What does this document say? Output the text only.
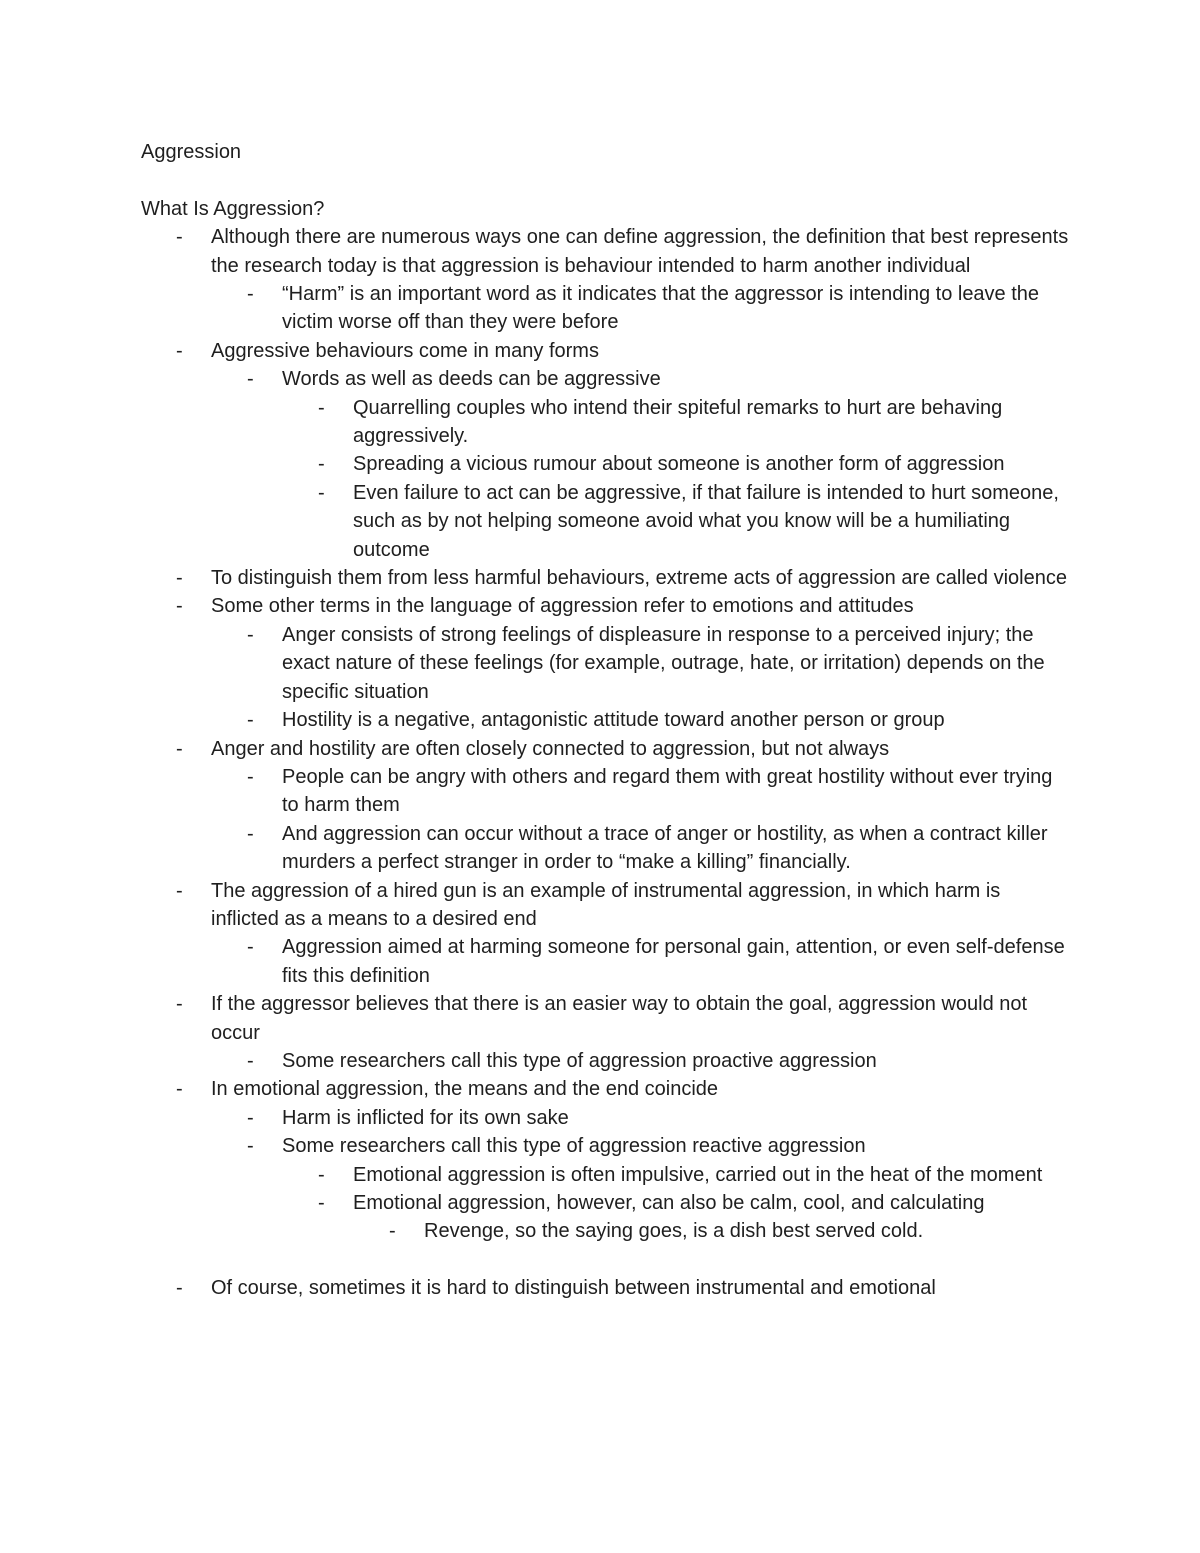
Aggression

What Is Aggression?

- Although there are numerous ways one can define aggression, the definition that best represents the research today is that aggression is behaviour intended to harm another individual
- “Harm” is an important word as it indicates that the aggressor is intending to leave the victim worse off than they were before
- Aggressive behaviours come in many forms
- Words as well as deeds can be aggressive
- Quarrelling couples who intend their spiteful remarks to hurt are behaving aggressively.
- Spreading a vicious rumour about someone is another form of aggression
- Even failure to act can be aggressive, if that failure is intended to hurt someone, such as by not helping someone avoid what you know will be a humiliating outcome
- To distinguish them from less harmful behaviours, extreme acts of aggression are called violence
- Some other terms in the language of aggression refer to emotions and attitudes
- Anger consists of strong feelings of displeasure in response to a perceived injury; the exact nature of these feelings (for example, outrage, hate, or irritation) depends on the specific situation
- Hostility is a negative, antagonistic attitude toward another person or group
- Anger and hostility are often closely connected to aggression, but not always
- People can be angry with others and regard them with great hostility without ever trying to harm them
- And aggression can occur without a trace of anger or hostility, as when a contract killer murders a perfect stranger in order to “make a killing” financially.
- The aggression of a hired gun is an example of instrumental aggression, in which harm is inflicted as a means to a desired end
- Aggression aimed at harming someone for personal gain, attention, or even self-defense fits this definition
- If the aggressor believes that there is an easier way to obtain the goal, aggression would not occur
- Some researchers call this type of aggression proactive aggression
- In emotional aggression, the means and the end coincide
- Harm is inflicted for its own sake
- Some researchers call this type of aggression reactive aggression
- Emotional aggression is often impulsive, carried out in the heat of the moment
- Emotional aggression, however, can also be calm, cool, and calculating
- Revenge, so the saying goes, is a dish best served cold.
- Of course, sometimes it is hard to distinguish between instrumental and emotional
